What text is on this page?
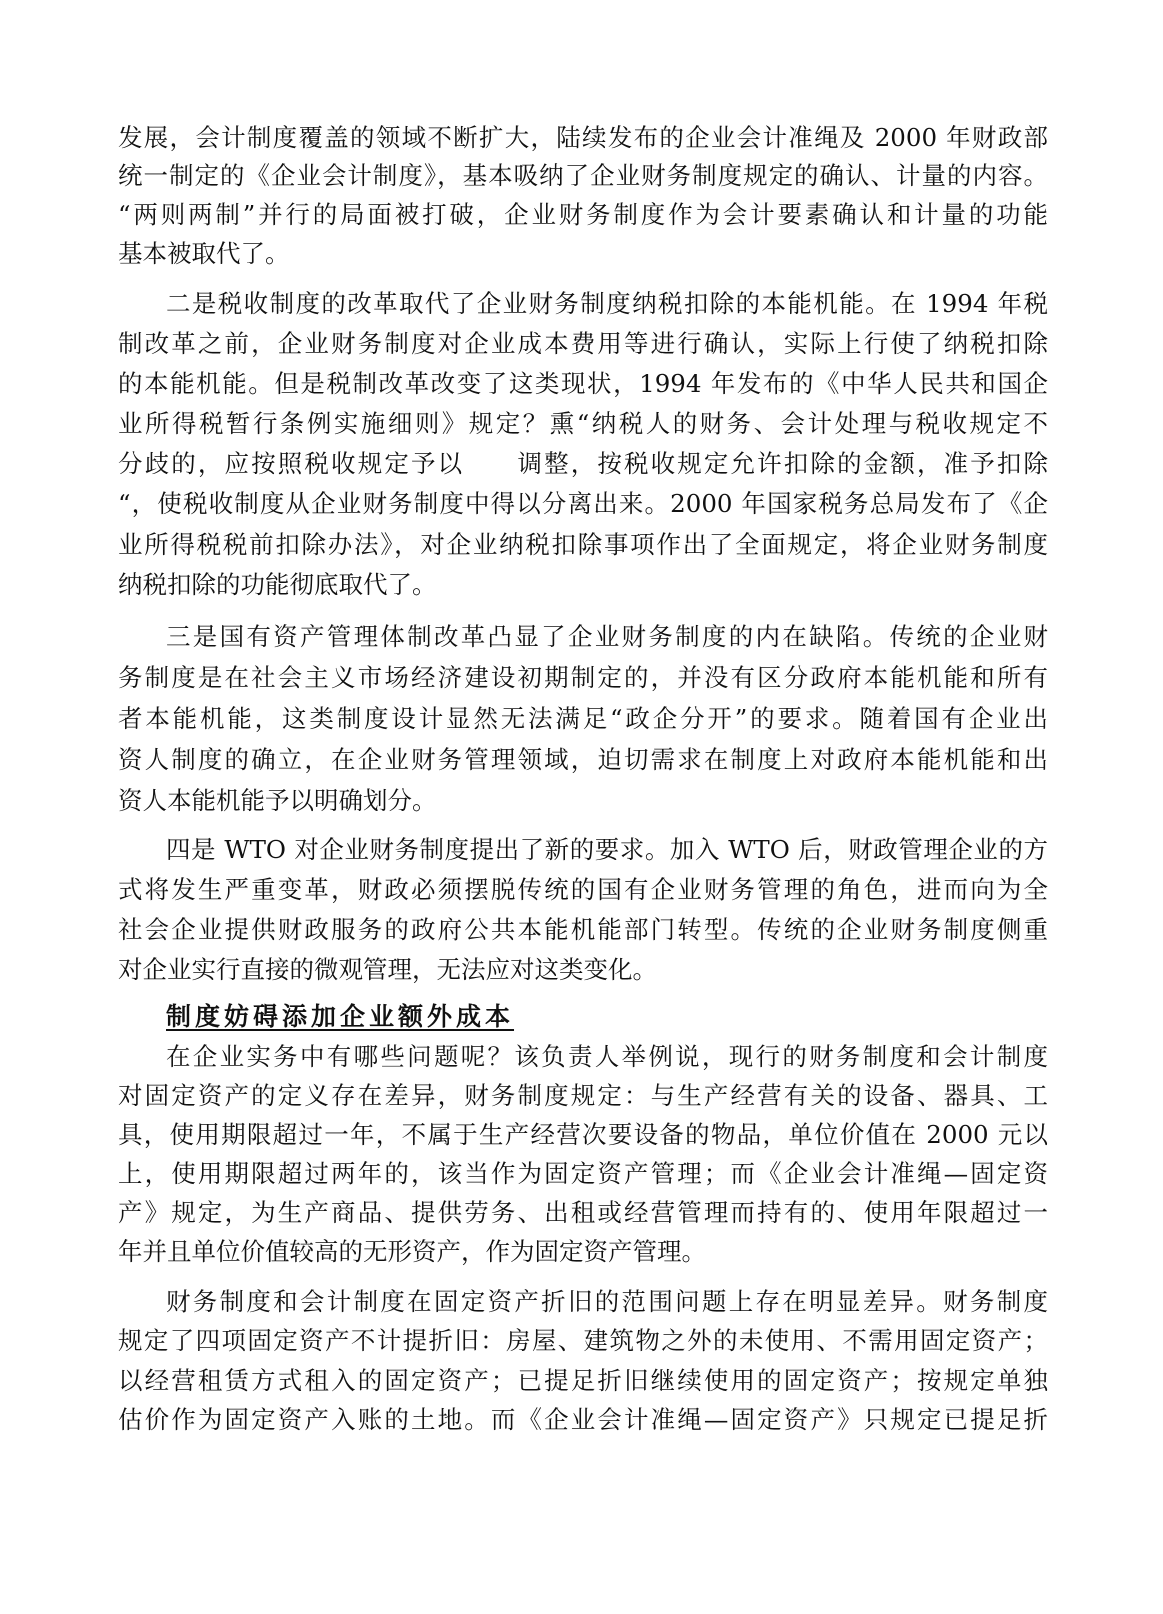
发展，会计制度覆盖的领域不断扩大，陆续发布的企业会计准绳及 2000 年财政部
统一制定的《企业会计制度》，基本吸纳了企业财务制度规定的确认、计量的内容。
“两则两制”并行的局面被打破，企业财务制度作为会计要素确认和计量的功能
基本被取代了。
二是税收制度的改革取代了企业财务制度纳税扣除的本能机能。在 1994 年税
制改革之前，企业财务制度对企业成本费用等进行确认，实际上行使了纳税扣除
的本能机能。但是税制改革改变了这类现状，1994 年发布的《中华人民共和国企
业所得税暂行条例实施细则》规定？熏“纳税人的财务、会计处理与税收规定不
分歧的，应按照税收规定予以　　调整，按税收规定允许扣除的金额，准予扣除
“，使税收制度从企业财务制度中得以分离出来。2000 年国家税务总局发布了《企
业所得税税前扣除办法》，对企业纳税扣除事项作出了全面规定，将企业财务制度
纳税扣除的功能彻底取代了。
三是国有资产管理体制改革凸显了企业财务制度的内在缺陷。传统的企业财
务制度是在社会主义市场经济建设初期制定的，并没有区分政府本能机能和所有
者本能机能，这类制度设计显然无法满足“政企分开”的要求。随着国有企业出
资人制度的确立，在企业财务管理领域，迫切需求在制度上对政府本能机能和出
资人本能机能予以明确划分。
四是 WTO 对企业财务制度提出了新的要求。加入 WTO 后，财政管理企业的方
式将发生严重变革，财政必须摆脱传统的国有企业财务管理的角色，进而向为全
社会企业提供财政服务的政府公共本能机能部门转型。传统的企业财务制度侧重
对企业实行直接的微观管理，无法应对这类变化。
制度妨碍添加企业额外成本
在企业实务中有哪些问题呢？该负责人举例说，现行的财务制度和会计制度
对固定资产的定义存在差异，财务制度规定：与生产经营有关的设备、器具、工
具，使用期限超过一年，不属于生产经营次要设备的物品，单位价值在 2000 元以
上，使用期限超过两年的，该当作为固定资产管理；而《企业会计准绳—固定资
产》规定，为生产商品、提供劳务、出租或经营管理而持有的、使用年限超过一
年并且单位价值较高的无形资产，作为固定资产管理。
财务制度和会计制度在固定资产折旧的范围问题上存在明显差异。财务制度
规定了四项固定资产不计提折旧：房屋、建筑物之外的未使用、不需用固定资产；
以经营租赁方式租入的固定资产；已提足折旧继续使用的固定资产；按规定单独
估价作为固定资产入账的土地。而《企业会计准绳—固定资产》只规定已提足折
